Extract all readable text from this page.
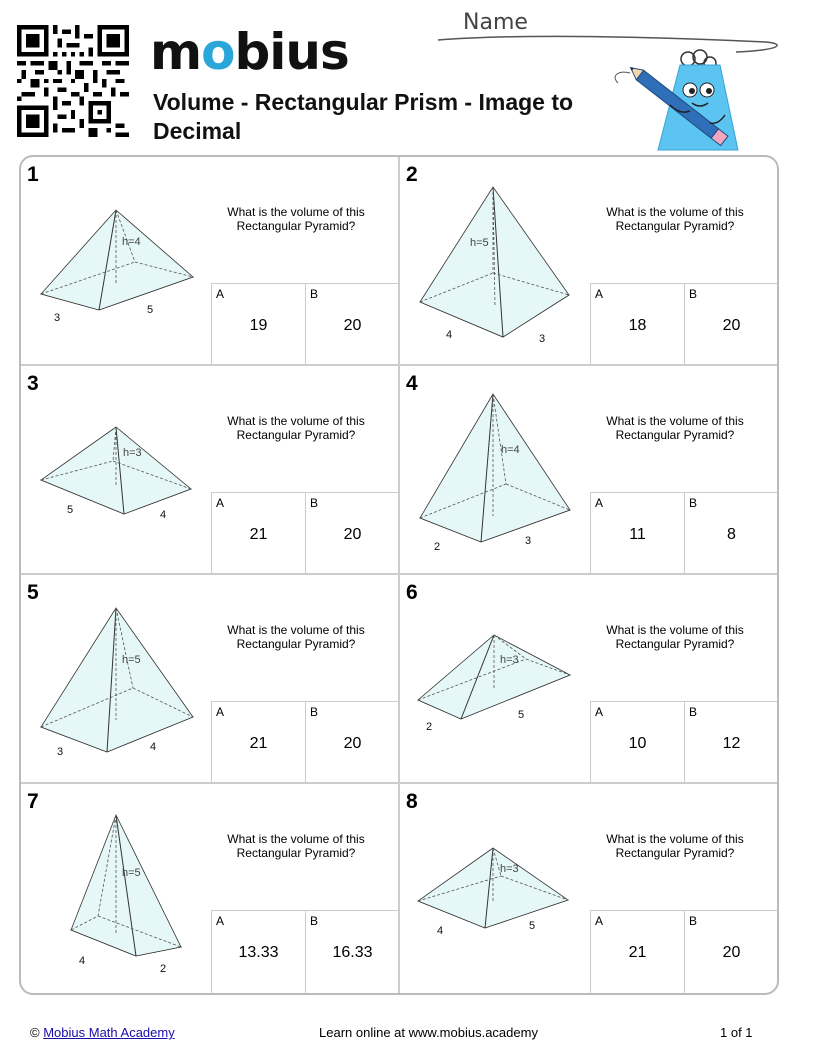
mobius
Volume - Rectangular Prism - Image to Decimal
Name
1
h=4
3
5
What is the volume of this Rectangular Pyramid?
A
19
B
20
2
h=5
4	3
What is the volume of this Rectangular Pyramid?
A
18
B
20
3
h=3
5	4
What is the volume of this Rectangular Pyramid?
A
21
B
20
4
h=4
2	3
What is the volume of this Rectangular Pyramid?
A
11
B
8
5
h=5
3	4
What is the volume of this Rectangular Pyramid?
A
21
B
20
6
h=3
2
5
What is the volume of this Rectangular Pyramid?
A
10
B
12
7
h=5
4
2
What is the volume of this Rectangular Pyramid?
A
13.33
B
16.33
8
h=3
4	5
What is the volume of this Rectangular Pyramid?
A
21
B
20
© Mobius Math Academy	Learn online at www.mobius.academy	1 of 1
